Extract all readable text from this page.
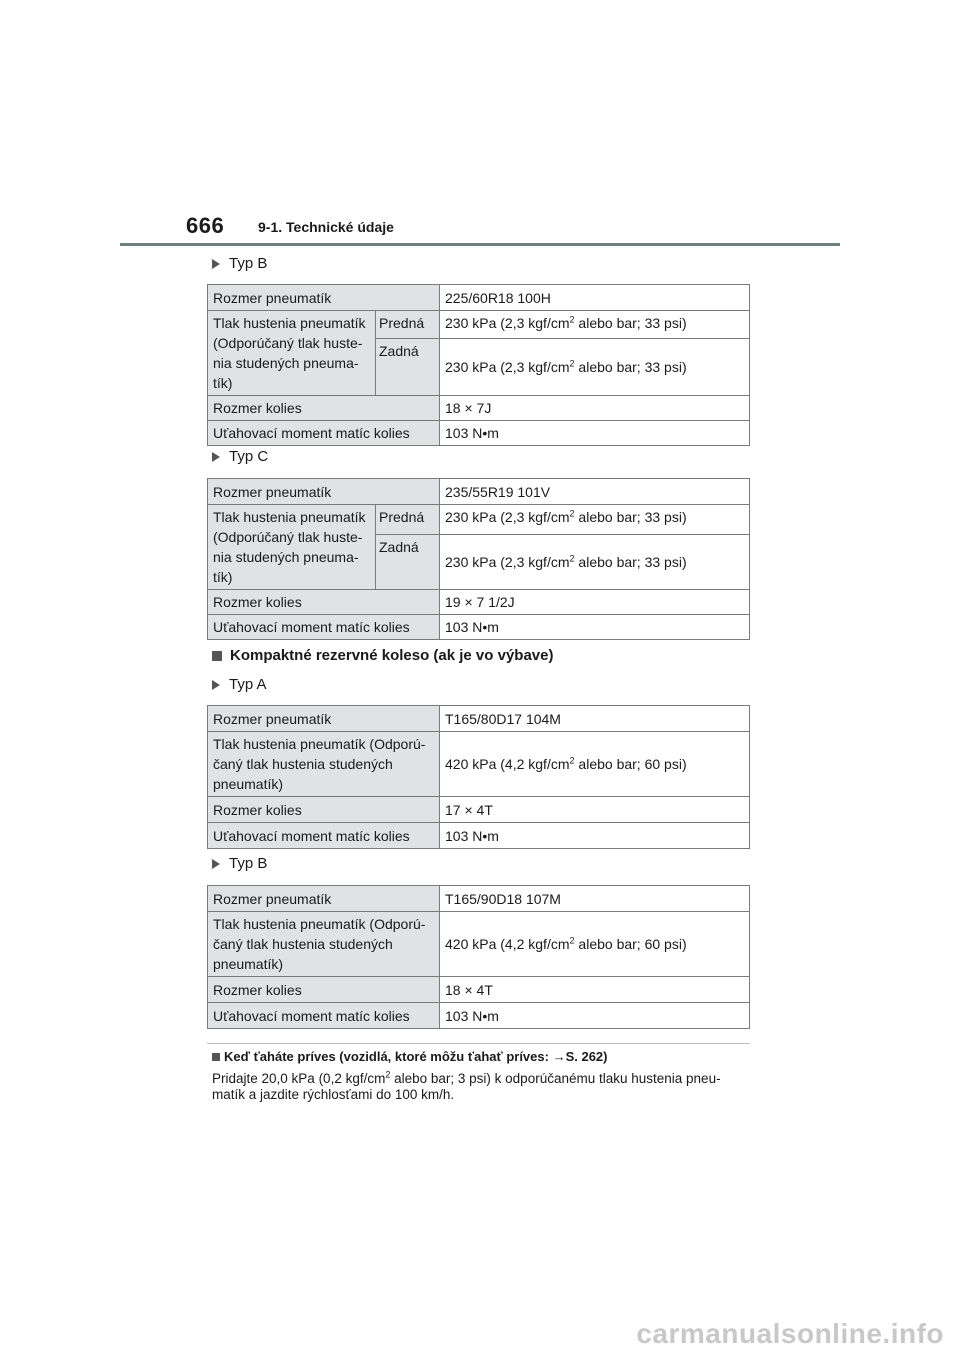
666 9-1. Technické údaje
Typ B
Rozmer pneumatík		225/60R18 100H
Tlak hustenia pneumatík (Odporúčaný tlak huste-nia studených pneuma-tík)	Predná	230 kPa (2,3 kgf/$cm^2$ alebo bar; 33 psi)
	Zadná	230 kPa (2,3 kgf/$cm^2$ alebo bar; 33 psi)
Rozmer kolies		18 × 7J
Uťahovací moment matíc kolies		103 N•m
Typ C
Rozmer pneumatík		235/55R19 101V
Tlak hustenia pneumatík (Odporúčaný tlak huste-nia studených pneuma-tík)	Predná	230 kPa (2,3 kgf/$cm^2$ alebo bar; 33 psi)
	Zadná	230 kPa (2,3 kgf/$cm^2$ alebo bar; 33 psi)
Rozmer kolies		19 × 7 1/2J
Uťahovací moment matíc kolies		103 N•m
Kompaktné rezervné koleso (ak je vo výbave)
Typ A
Rozmer pneumatík	T165/80D17 104M
Tlak hustenia pneumatík (Odporú-čaný tlak hustenia studených pneumatík)	420 kPa (4,2 kgf/$cm^2$ alebo bar; 60 psi)
Rozmer kolies	17 × 4T
Uťahovací moment matíc kolies	103 N•m
Typ B
Rozmer pneumatík	T165/90D18 107M
Tlak hustenia pneumatík (Odporú-čaný tlak hustenia studených pneumatík)	420 kPa (4,2 kgf/$cm^2$ alebo bar; 60 psi)
Rozmer kolies	18 × 4T
Uťahovací moment matíc kolies	103 N•m
Keď ťaháte príves (vozidlá, ktoré môžu ťahať príves: →S. 262)
Pridajte 20,0 kPa (0,2 kgf/$cm^2$ alebo bar; 3 psi) k odporúčanému tlaku hustenia pneu-matík a jazdite rýchlosťami do 100 km/h.
carmanualsonline.info
